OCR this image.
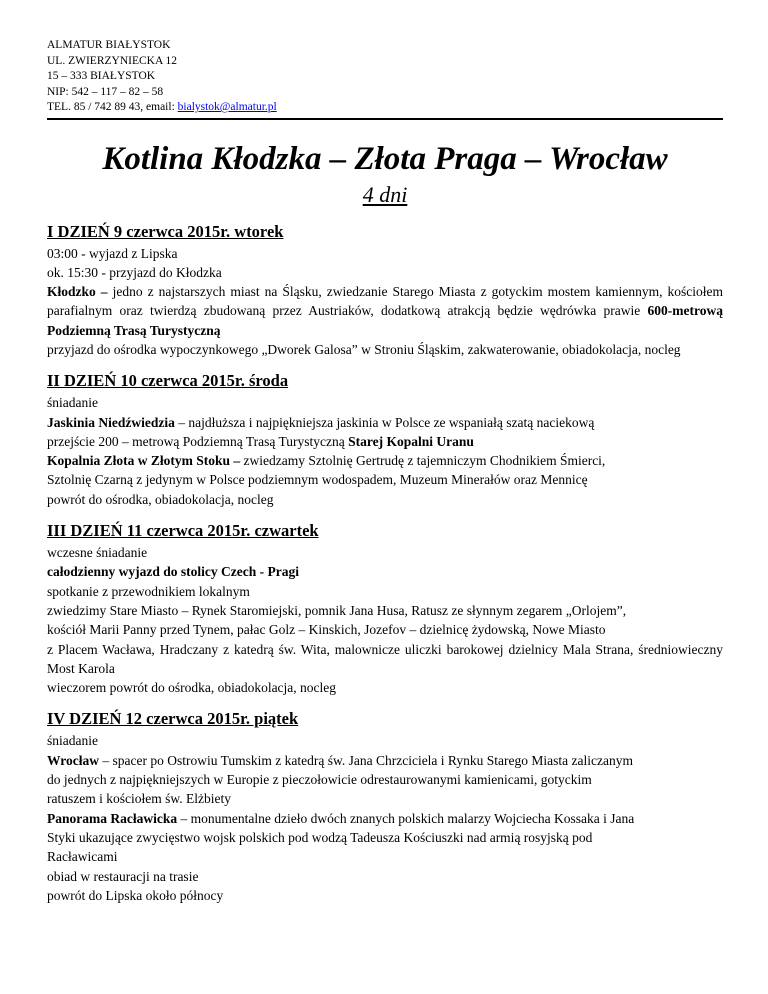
ALMATUR BIAŁYSTOK
UL. ZWIERZYNIECKA 12
15 – 333 BIAŁYSTOK
NIP: 542 – 117 – 82 – 58
TEL. 85 / 742 89 43, email: bialystok@almatur.pl
Kotlina Kłodzka – Złota Praga – Wrocław
4 dni
I DZIEŃ 9 czerwca 2015r. wtorek
03:00 - wyjazd z Lipska
ok. 15:30 - przyjazd do Kłodzka
Kłodzko – jedno z najstarszych miast na Śląsku, zwiedzanie Starego Miasta z gotyckim mostem kamiennym, kościołem parafialnym oraz twierdzą zbudowaną przez Austriaków, dodatkową atrakcją będzie wędrówka prawie 600-metrową Podziemną Trasą Turystyczną
przyjazd do ośrodka wypoczynkowego „Dworek Galosa” w Stroniu Śląskim, zakwaterowanie, obiadokolacja, nocleg
II DZIEŃ 10 czerwca 2015r. środa
śniadanie
Jaskinia Niedźwiedzia – najdłuższa i najpiękniejsza jaskinia w Polsce ze wspaniałą szatą naciekową
przejście 200 – metrową Podziemną Trasą Turystyczną Starej Kopalni Uranu
Kopalnia Złota w Złotym Stoku – zwiedzamy Sztolnię Gertrudę z tajemniczym Chodnikiem Śmierci,
Sztolnię Czarną z jedynym w Polsce podziemnym wodospadem, Muzeum Minerałów oraz Mennicę
powrót do ośrodka, obiadokolacja, nocleg
III DZIEŃ 11 czerwca 2015r. czwartek
wczesne śniadanie
całodzienny wyjazd do stolicy Czech - Pragi
spotkanie z przewodnikiem lokalnym
zwiedzimy Stare Miasto – Rynek Staromiejski, pomnik Jana Husa, Ratusz ze słynnym zegarem „Orlojem”,
kościół Marii Panny przed Tynem, pałac Golz – Kinskich, Jozefov – dzielnicę żydowską, Nowe Miasto
z Placem Wacława, Hradczany z katedrą św. Wita, malownicze uliczki barokowej dzielnicy Mala Strana, średniowieczny Most Karola
wieczorem powrót do ośrodka, obiadokolacja, nocleg
IV DZIEŃ 12 czerwca 2015r. piątek
śniadanie
Wrocław – spacer po Ostrowiu Tumskim z katedrą św. Jana Chrzciciela i Rynku Starego Miasta zaliczanym
do jednych z najpiękniejszych w Europie z pieczołowicie odrestaurowanymi kamienicami, gotyckim
ratuszem i kościołem św. Elżbiety
Panorama Racławicka – monumentalne dzieło dwóch znanych polskich malarzy Wojciecha Kossaka i Jana
Styki ukazujące zwycięstwo wojsk polskich pod wodzą Tadeusza Kościuszki nad armią rosyjską pod
Racławicami
obiad w restauracji na trasie
powrót do Lipska około północy
